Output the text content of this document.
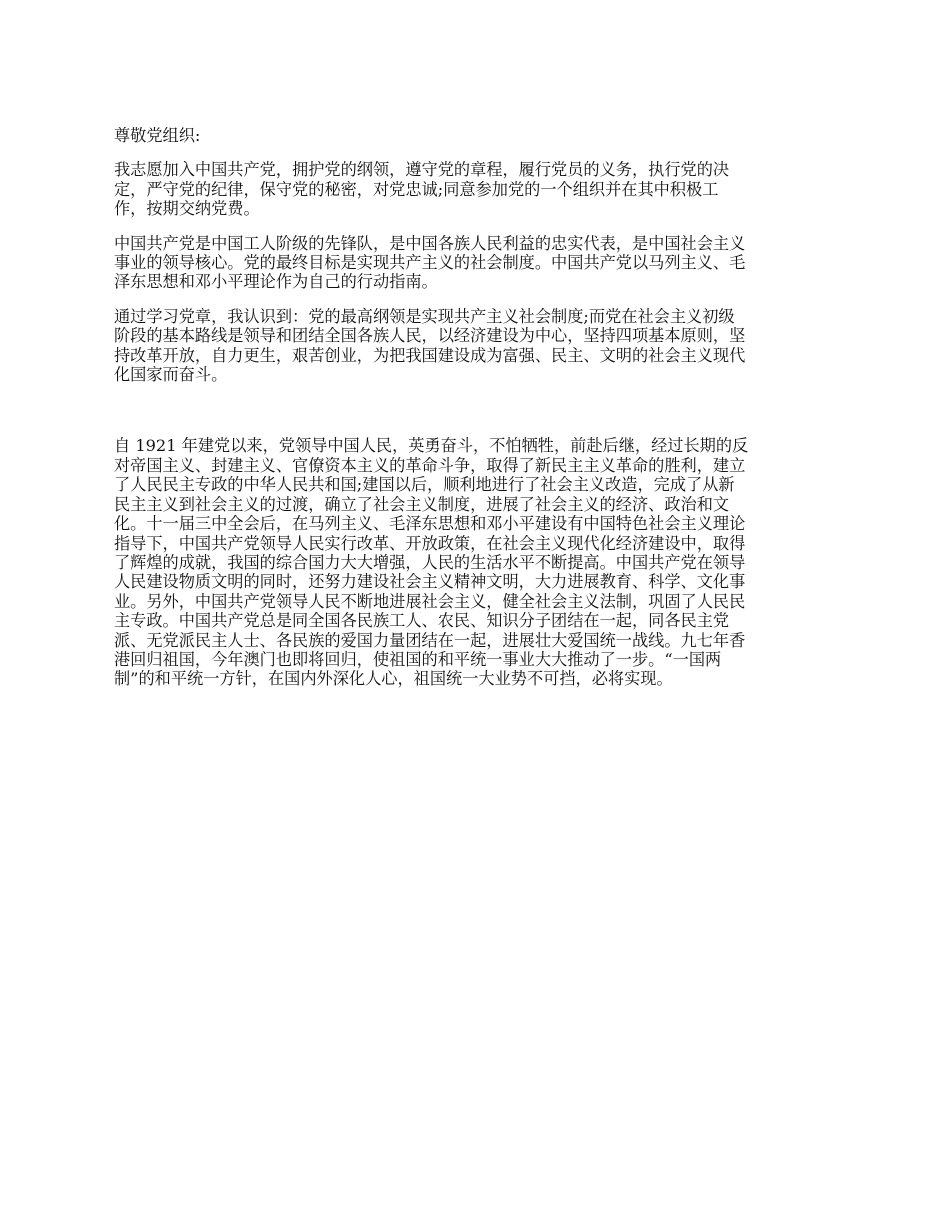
尊敬党组织:
我志愿加入中国共产党，拥护党的纲领，遵守党的章程，履行党员的义务，执行党的决
定，严守党的纪律，保守党的秘密，对党忠诚;同意参加党的一个组织并在其中积极工
作，按期交纳党费。
中国共产党是中国工人阶级的先锋队，是中国各族人民利益的忠实代表，是中国社会主义
事业的领导核心。党的最终目标是实现共产主义的社会制度。中国共产党以马列主义、毛
泽东思想和邓小平理论作为自己的行动指南。
通过学习党章，我认识到：党的最高纲领是实现共产主义社会制度;而党在社会主义初级
阶段的基本路线是领导和团结全国各族人民，以经济建设为中心，坚持四项基本原则，坚
持改革开放，自力更生，艰苦创业，为把我国建设成为富强、民主、文明的社会主义现代
化国家而奋斗。
自 1921 年建党以来，党领导中国人民，英勇奋斗，不怕牺牲，前赴后继，经过长期的反
对帝国主义、封建主义、官僚资本主义的革命斗争，取得了新民主主义革命的胜利，建立
了人民民主专政的中华人民共和国;建国以后，顺利地进行了社会主义改造，完成了从新
民主主义到社会主义的过渡，确立了社会主义制度，进展了社会主义的经济、政治和文
化。十一届三中全会后，在马列主义、毛泽东思想和邓小平建设有中国特色社会主义理论
指导下，中国共产党领导人民实行改革、开放政策，在社会主义现代化经济建设中，取得
了辉煌的成就，我国的综合国力大大增强，人民的生活水平不断提高。中国共产党在领导
人民建设物质文明的同时，还努力建设社会主义精神文明，大力进展教育、科学、文化事
业。另外，中国共产党领导人民不断地进展社会主义，健全社会主义法制，巩固了人民民
主专政。中国共产党总是同全国各民族工人、农民、知识分子团结在一起，同各民主党
派、无党派民主人士、各民族的爱国力量团结在一起，进展壮大爱国统一战线。九七年香
港回归祖国，今年澳门也即将回归，使祖国的和平统一事业大大推动了一步。“一国两
制”的和平统一方针，在国内外深化人心，祖国统一大业势不可挡，必将实现。
